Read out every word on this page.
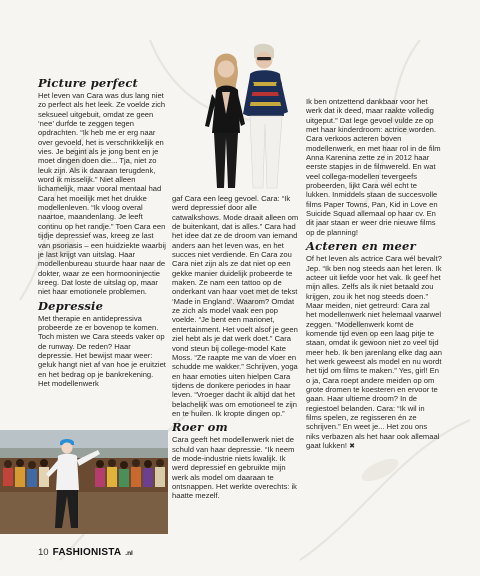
Picture perfect

Het leven van Cara was dus lang niet zo perfect als het leek. Ze voelde zich seksueel uitgebuit, omdat ze geen ‘nee’ durfde te zeggen tegen opdrachten. “Ik heb me er erg naar over gevoeld, het is verschrikkelijk en vies. Je begint als je jong bent en je moet dingen doen die... Tja, niet zo leuk zijn. Als ik daaraan terugdenk, word ik misselijk.” Niet alleen lichamelijk, maar vooral mentaal had Cara het moeilijk met het drukke modellenleven. “Ik vloog overal naartoe, maandenlang. Je leeft continu op het randje.” Toen Cara een tijdje depressief was, kreeg ze last van psoriasis – een huidziekte waarbij je last krijgt van uitslag. Haar modellenbureau stuurde haar naar de dokter, waar ze een hormooninjectie kreeg. Dat loste de uitslag op, maar niet haar emotionele problemen.

Depressie

Met therapie en antidepressiva probeerde ze er bovenop te komen. Toch misten we Cara steeds vaker op de runway. De reden? Haar depressie. Het bewijst maar weer: geluk hangt niet af van hoe je eruitziet en het bedrag op je bankrekening. Het modellenwerk

gaf Cara een leeg gevoel. Cara: “Ik werd depressief door alle catwalkshows. Mode draait alleen om de buitenkant, dat is alles.” Cara had het idee dat ze de droom van iemand anders aan het leven was, en het succes niet verdiende. En Cara zou Cara niet zijn als ze dat niet op een gekke manier duidelijk probeerde te maken. Ze nam een tattoo op de onderkant van haar voet met de tekst ‘Made in England’. Waarom? Omdat ze zich als model vaak een pop voelde. “Je bent een marionet, entertainment. Het voelt alsof je geen ziel hebt als je dat werk doet.” Cara vond steun bij college-model Kate Moss. “Ze raapte me van de vloer en schudde me wakker.” Schrijven, yoga en haar emoties uiten hielpen Cara tijdens de donkere periodes in haar leven. “Vroeger dacht ik altijd dat het belachelijk was om emotioneel te zijn en te huilen. Ik kropte dingen op.”

Roer om

Cara geeft het modellenwerk niet de schuld van haar depressie. “Ik neem de mode-industrie niets kwalijk. Ik werd depressief en gebruikte mijn werk als model om daaraan te ontsnappen. Het werkte overechts: ik haatte mezelf.

Ik ben ontzettend dankbaar voor het werk dat ik deed, maar raakte volledig uitgeput.” Dat lege gevoel vulde ze op met haar kinderdroom: actrice worden. Cara verkoos acteren boven modellenwerk, en met haar rol in de film Anna Karenina zette ze in 2012 haar eerste stapjes in de filmwereld. En wat veel collega-modellen tevergeefs probeerden, lijkt Cara wél echt te lukken. Inmiddels staan de succesvolle films Paper Towns, Pan, Kid in Love en Suicide Squad allemaal op haar cv. En dit jaar staan er weer drie nieuwe films op de planning!

Acteren en meer

Of het leven als actrice Cara wél bevalt? Jep. “Ik ben nog steeds aan het leren. Ik acteer uit liefde voor het vak. Ik geef het mijn alles. Zelfs als ik niet betaald zou krijgen, zou ik het nog steeds doen.” Maar meiden, niet getreurd: Cara zal het modellenwerk niet helemaal vaarwel zeggen. “Modellenwerk komt de komende tijd even op een laag pitje te staan, omdat ik gewoon niet zo veel tijd meer heb. Ik ben jarenlang elke dag aan het werk geweest als model en nu wordt het tijd om films te maken.” Yes, girl! En o ja, Cara roept andere meiden op om grote dromen te koesteren en ervoor te gaan. Haar ultieme droom? In de regiestoel belanden. Cara: “Ik wil in films spelen, ze regisseren én ze schrijven.” En weet je... Het zou ons niks verbazen als het haar ook allemaal gaat lukken! ✖

10 FASHIONISTA .nl
